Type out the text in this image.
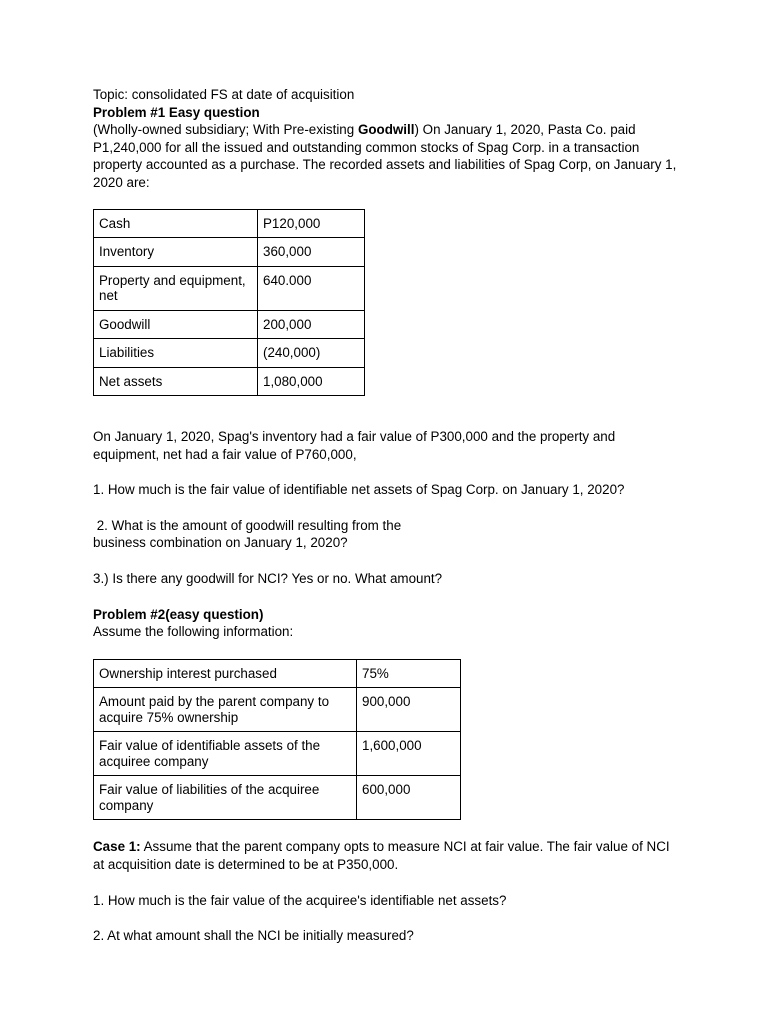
Topic: consolidated FS at date of acquisition

Problem #1 Easy question

(Wholly-owned subsidiary; With Pre-existing Goodwill) On January 1, 2020, Pasta Co. paid P1,240,000 for all the issued and outstanding common stocks of Spag Corp. in a transaction property accounted as a purchase. The recorded assets and liabilities of Spag Corp, on January 1, 2020 are:

Cash	P120,000
Inventory	360,000
Property and equipment, net	640.000
Goodwill	200,000
Liabilities	(240,000)
Net assets	1,080,000

On January 1, 2020, Spag's inventory had a fair value of P300,000 and the property and equipment, net had a fair value of P760,000,

1. How much is the fair value of identifiable net assets of Spag Corp. on January 1, 2020?

2. What is the amount of goodwill resulting from the

business combination on January 1, 2020?

3.) Is there any goodwill for NCI? Yes or no. What amount?

Problem #2(easy question)

Assume the following information:

Ownership interest purchased	75%
Amount paid by the parent company to acquire 75% ownership	900,000
Fair value of identifiable assets of the acquiree company	1,600,000
Fair value of liabilities of the acquiree company	600,000

Case 1: Assume that the parent company opts to measure NCI at fair value. The fair value of NCI at acquisition date is determined to be at P350,000.

1. How much is the fair value of the acquiree's identifiable net assets?

2. At what amount shall the NCI be initially measured?
